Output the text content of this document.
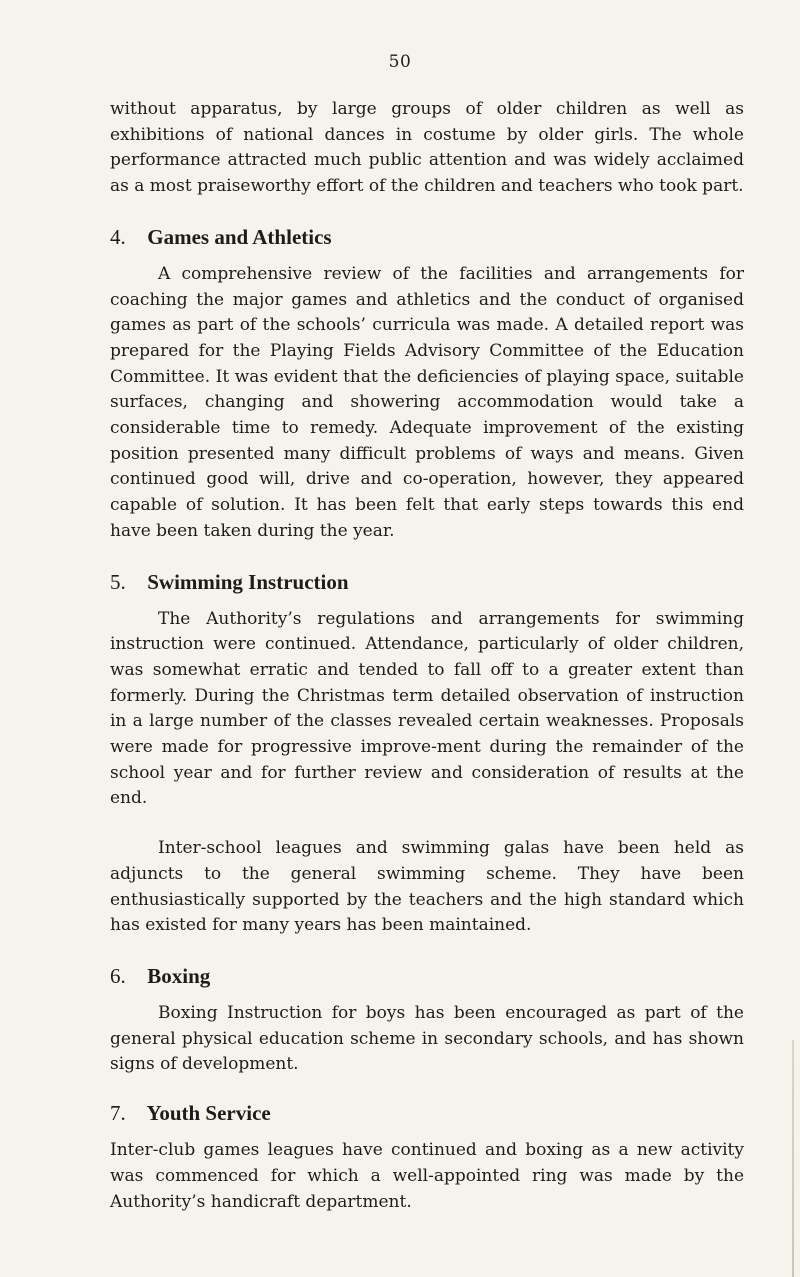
50

without apparatus, by large groups of older children as well as exhibitions of national dances in costume by older girls. The whole performance attracted much public attention and was widely acclaimed as a most praiseworthy effort of the children and teachers who took part.

4. Games and Athletics

A comprehensive review of the facilities and arrangements for coaching the major games and athletics and the conduct of organised games as part of the schools’ curricula was made. A detailed report was prepared for the Playing Fields Advisory Committee of the Education Committee. It was evident that the deficiencies of playing space, suitable surfaces, changing and showering accommodation would take a considerable time to remedy. Adequate improvement of the existing position presented many difficult problems of ways and means. Given continued good will, drive and co-operation, however, they appeared capable of solution. It has been felt that early steps towards this end have been taken during the year.

5. Swimming Instruction

The Authority’s regulations and arrangements for swimming instruction were continued. Attendance, particularly of older children, was somewhat erratic and tended to fall off to a greater extent than formerly. During the Christmas term detailed observation of instruction in a large number of the classes revealed certain weaknesses. Proposals were made for progressive improve-ment during the remainder of the school year and for further review and consideration of results at the end.

Inter-school leagues and swimming galas have been held as adjuncts to the general swimming scheme. They have been enthusiastically supported by the teachers and the high standard which has existed for many years has been maintained.

6. Boxing

Boxing Instruction for boys has been encouraged as part of the general physical education scheme in secondary schools, and has shown signs of development.

7. Youth Service

Inter-club games leagues have continued and boxing as a new activity was commenced for which a well-appointed ring was made by the Authority’s handicraft department.
